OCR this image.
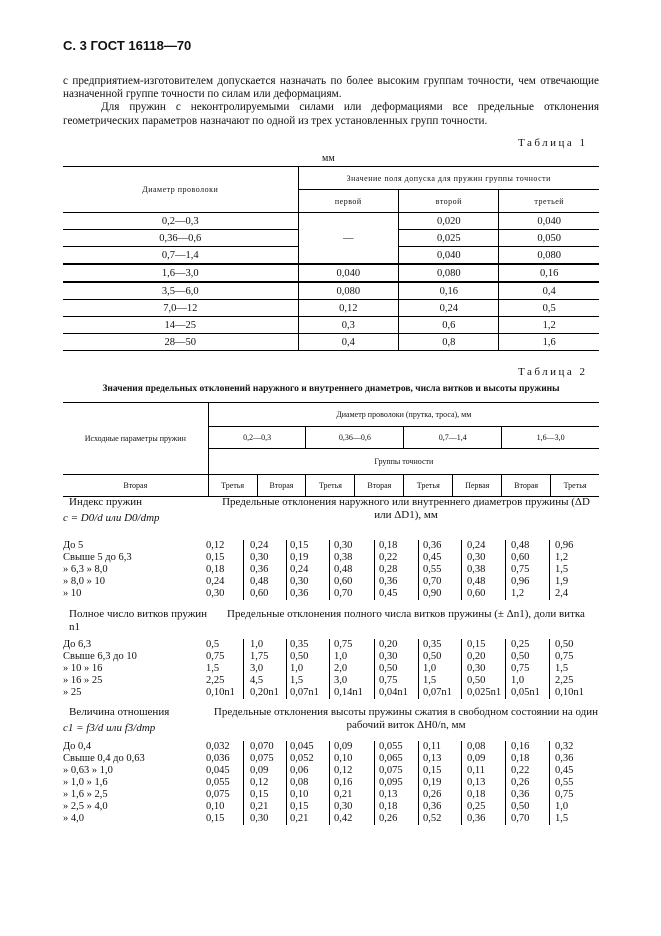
С. 3 ГОСТ 16118—70

с предприятием-изготовителем допускается назначать по более высоким группам точности, чем отвечающие назначенной группе точности по силам или деформациям.

Для пружин с неконтролируемыми силами или деформациями все предельные отклонения геометрических параметров назначают по одной из трех установленных групп точности.

Таблица 1
мм
Диаметр проволоки	Значение поля допуска для пружин группы точности		
	первой	второй	третьей
0,2—0,3	—	0,020	0,040
0,36—0,6		0,025	0,050
0,7—1,4		0,040	0,080
1,6—3,0	0,040	0,080	0,16
3,5—6,0	0,080	0,16	0,4
7,0—12	0,12	0,24	0,5
14—25	0,3	0,6	1,2
28—50	0,4	0,8	1,6
Таблица 2
Значения предельных отклонений наружного и внутреннего диаметров, числа витков и высоты пружины
Исходные параметры пружин	Диаметр проволоки (прутка, троса), мм							
	0,2—0,3		0,36—0,6		0,7—1,4		1,6—3,0	
	Группы точности							
Вторая	Третья	Вторая	Третья	Вторая	Третья	Первая	Вторая	Третья
Индекс пружин
c = D0/d или D0/dтр
Предельные отклонения наружного или внутреннего диаметров пружины (ΔD или ΔD1), мм
До 5	0,12 0,24 0,15 0,30	0,18 0,36 0,24 0,48 0,96
Свыше 5 до 6,3	0,15 0,30 0,19 0,38	0,22 0,45 0,30 0,60 1,2
» 6,3 » 8,0	0,18 0,36 0,24 0,48	0,28 0,55 0,38 0,75 1,5
» 8,0 » 10	0,24 0,48 0,30 0,60	0,36 0,70 0,48 0,96 1,9
» 10	0,30 0,60 0,36 0,70	0,45 0,90 0,60 1,2	2,4
Полное число витков пружин n1
Предельные отклонения полного числа витков пружины (± Δn1), доли витка
До 6,3	0,5	1,0	0,35 0,75	0,20 0,35 0,15 0,25 0,50
Свыше 6,3 до 10	0,75 1,75 0,50 1,0	0,30 0,50 0,20 0,50 0,75
» 10 » 16	1,5	3,0	1,0	2,0	0,50 1,0	0,30 0,75 1,5
» 16 » 25	2,25 4,5	1,5	3,0	0,75 1,5	0,50 1,0	2,25
» 25	0,10n1 0,20n1 0,07n1 0,14n1 0,04n1 0,07n1 0,025n1 0,05n1 0,10n1
Величина отношения
c1 = f3/d или f3/dтр
Предельные отклонения высоты пружины сжатия в свободном состоянии на один рабочий виток ΔH0/n, мм
До 0,4	0,032 0,070 0,045 0,09	0,055 0,11 0,08 0,16 0,32
Свыше 0,4 до 0,63	0,036 0,075 0,052 0,10	0,065 0,13 0,09 0,18 0,36
» 0,63 » 1,0	0,045 0,09 0,06 0,12	0,075 0,15 0,11 0,22 0,45
» 1,0 » 1,6	0,055 0,12 0,08 0,16	0,095 0,19 0,13 0,26 0,55
» 1,6 » 2,5	0,075 0,15 0,10 0,21	0,13 0,26 0,18 0,36 0,75
» 2,5 » 4,0	0,10 0,21 0,15 0,30	0,18 0,36 0,25 0,50 1,0
» 4,0	0,15 0,30 0,21 0,42	0,26 0,52 0,36 0,70 1,5
